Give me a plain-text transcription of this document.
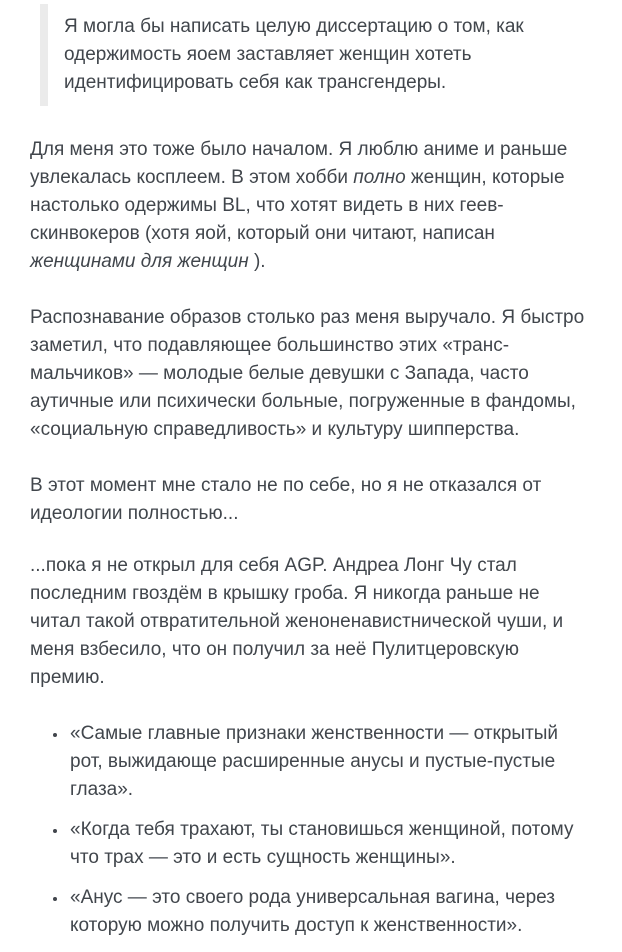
Я могла бы написать целую диссертацию о том, как одержимость яоем заставляет женщин хотеть идентифицировать себя как трансгендеры.

Для меня это тоже было началом. Я люблю аниме и раньше увлекалась косплеем. В этом хобби полно женщин, которые настолько одержимы BL, что хотят видеть в них геев-скинвокеров (хотя яой, который они читают, написан женщинами для женщин ).

Распознавание образов столько раз меня выручало. Я быстро заметил, что подавляющее большинство этих «транс-мальчиков» — молодые белые девушки с Запада, часто аутичные или психически больные, погруженные в фандомы, «социальную справедливость» и культуру шипперства.

В этот момент мне стало не по себе, но я не отказался от идеологии полностью...

...пока я не открыл для себя AGP. Андреа Лонг Чу стал последним гвоздём в крышку гроба. Я никогда раньше не читал такой отвратительной женоненавистнической чуши, и меня взбесило, что он получил за неё Пулитцеровскую премию.

• «Самые главные признаки женственности — открытый рот, выжидающе расширенные анусы и пустые-пустые глаза».
• «Когда тебя трахают, ты становишься женщиной, потому что трах — это и есть сущность женщины».
• «Анус — это своего рода универсальная вагина, через которую можно получить доступ к женственности».
